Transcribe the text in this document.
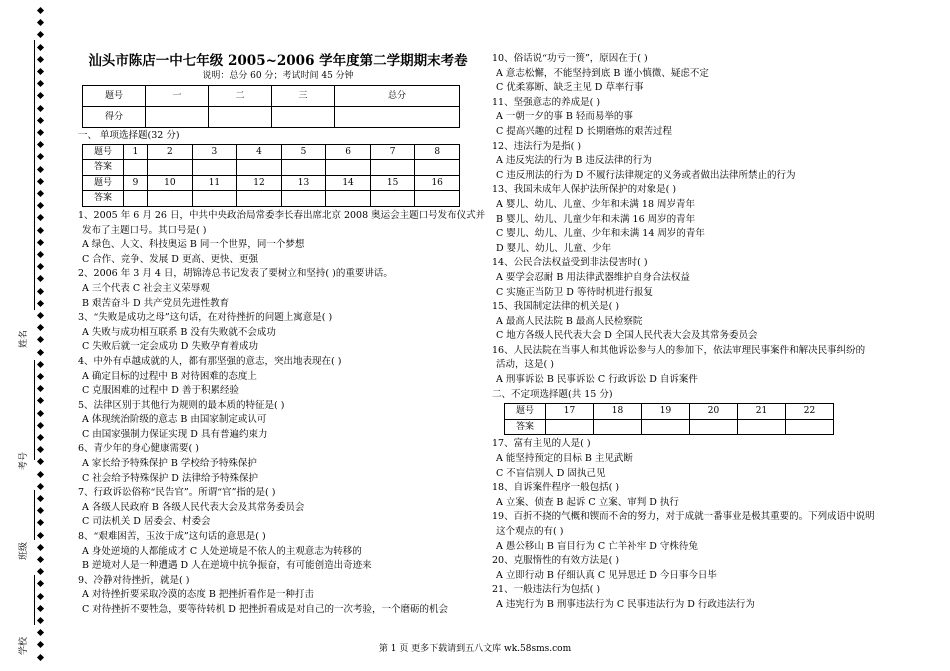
姓名
考号
班级
学校
汕头市陈店一中七年级 2005~2006 学年度第二学期期末考卷
说明：总分 60 分；考试时间 45 分钟
题号	一	二	三	总分
得分				
一、 单项选择题(32 分)
题号	1	2	3	4	5	6	7	8
答案								
题号	9	10	11	12	13	14	15	16
答案								
1、2005 年 6 月 26 日，中共中央政治局常委李长春出席北京 2008 奥运会主题口号发布仪式并
发布了主题口号。其口号是( )
A 绿色、人文、科技奥运 B 同一个世界，同一个梦想
C 合作、竞争、发展 D 更高、更快、更强
2、2006 年 3 月 4 日，胡锦涛总书记发表了要树立和坚持( )的重要讲话。
A 三个代表 C 社会主义荣辱观
B 艰苦奋斗 D 共产党员先进性教育
3、“失败是成功之母”这句话，在对待挫折的问题上寓意是( )
A 失败与成功相互联系 B 没有失败就不会成功
C 失败后就一定会成功 D 失败孕育着成功
4、中外有卓越成就的人，都有那坚强的意志，突出地表现在( )
A 确定目标的过程中 B 对待困难的态度上
C 克服困难的过程中 D 善于积累经验
5、法律区别于其他行为规则的最本质的特征是( )
A 体现统治阶级的意志 B 由国家制定或认可
C 由国家强制力保证实现 D 具有普遍约束力
6、青少年的身心健康需要( )
A 家长给予特殊保护 B 学校给予特殊保护
C 社会给予特殊保护 D 法律给予特殊保护
7、行政诉讼俗称“民告官”。所谓“官”指的是( )
A 各级人民政府 B 各级人民代表大会及其常务委员会
C 司法机关 D 居委会、村委会
8、“艰难困苦，玉汝于成”这句话的意思是( )
A 身处逆境的人都能成才 C 人处逆境是不依人的主观意志为转移的
B 逆境对人是一种遭遇 D 人在逆境中抗争振奋，有可能创造出奇迹来
9、冷静对待挫折，就是( )
A 对待挫折要采取冷漠的态度 B 把挫折看作是一种打击
C 对待挫折不要牲急，要等待转机 D 把挫折看成是对自己的一次考验，一个磨砺的机会
10、俗话说“功亏一篑”，原因在于( )
A 意志松懈，不能坚持到底 B 谨小慎微、疑虑不定
C 优柔寡断、缺乏主见 D 草率行事
11、坚强意志的养成是( )
A 一朝一夕的事 B 轻而易举的事
C 提高兴趣的过程 D 长期磨炼的艰苦过程
12、违法行为是指( )
A 违反宪法的行为 B 违反法律的行为
C 违反刑法的行为 D 不履行法律规定的义务或者做出法律所禁止的行为
13、我国未成年人保护法所保护的对象是( )
A 婴儿、幼儿、儿童、少年和未满 18 周岁青年
B 婴儿、幼儿、儿童少年和未满 16 周岁的青年
C 婴儿、幼儿、儿童、少年和未满 14 周岁的青年
D 婴儿、幼儿、儿童、少年
14、公民合法权益受到非法侵害时( )
A 要学会忍耐 B 用法律武器维护自身合法权益
C 实施正当防卫 D 等待时机进行报复
15、我国制定法律的机关是( )
A 最高人民法院 B 最高人民检察院
C 地方各级人民代表大会 D 全国人民代表大会及其常务委员会
16、人民法院在当事人和其他诉讼参与人的参加下，依法审理民事案件和解决民事纠纷的
活动，这是( )
A 刑事诉讼 B 民事诉讼 C 行政诉讼 D 自诉案件
二、不定项选择题(共 15 分)
题号	17	18	19	20	21	22
答案						
17、富有主见的人是( )
A 能坚持预定的目标 B 主见武断
C 不盲信别人 D 固执己见
18、自诉案件程序一般包括( )
A 立案、侦查 B 起诉 C 立案、审判 D 执行
19、百折不挠的气概和锲而不舍的努力，对于成就一番事业是极其重要的。下列成语中说明
这个观点的有( )
A 愚公移山 B 盲目行为 C 亡羊补牢 D 守株待兔
20、克服惰性的有效方法是( )
A 立即行动 B 仔细认真 C 见异思迁 D 今日事今日毕
21、一般违法行为包括( )
A 违宪行为 B 刑事违法行为 C 民事违法行为 D 行政违法行为
第 1 页 更多下载请到五八文库 wk.58sms.com
